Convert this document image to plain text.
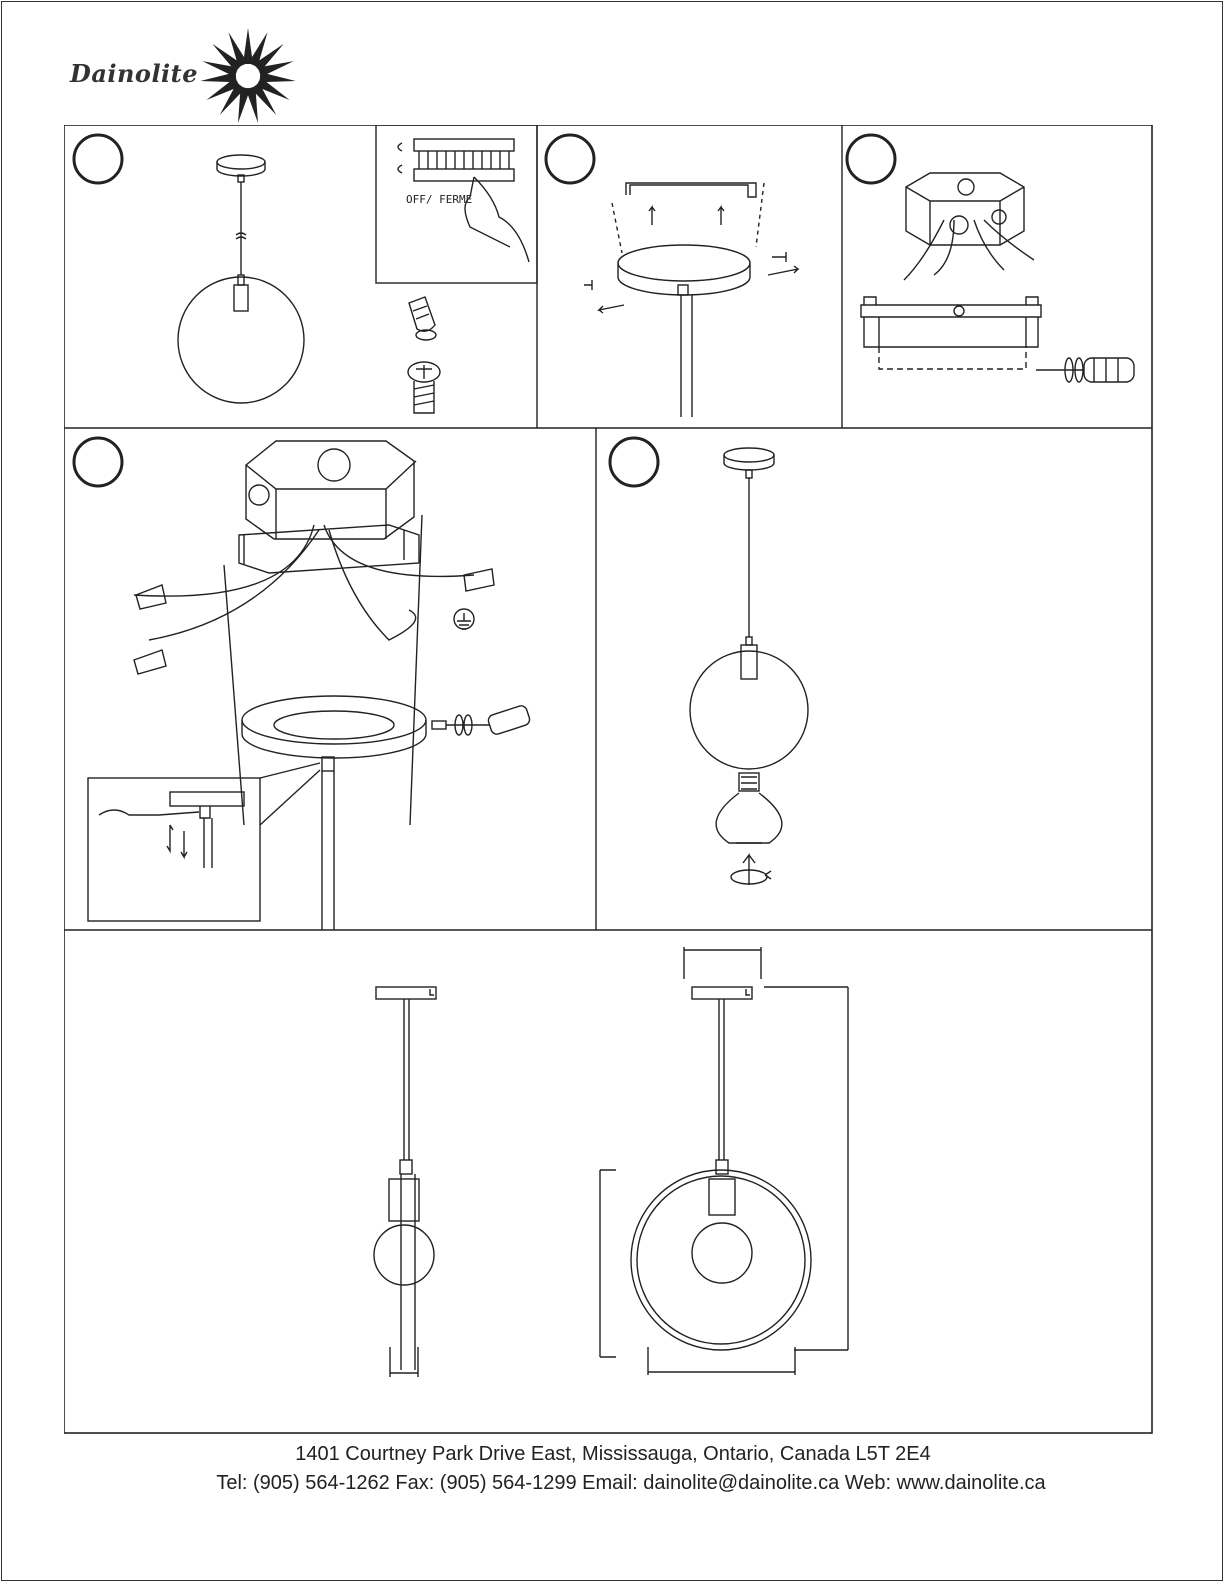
Dainolite
OFF/ FERME
1401 Courtney Park Drive East, Mississauga, Ontario, Canada L5T 2E4
Tel: (905) 564-1262 Fax: (905) 564-1299 Email: dainolite@dainolite.ca Web: www.dainolite.ca
